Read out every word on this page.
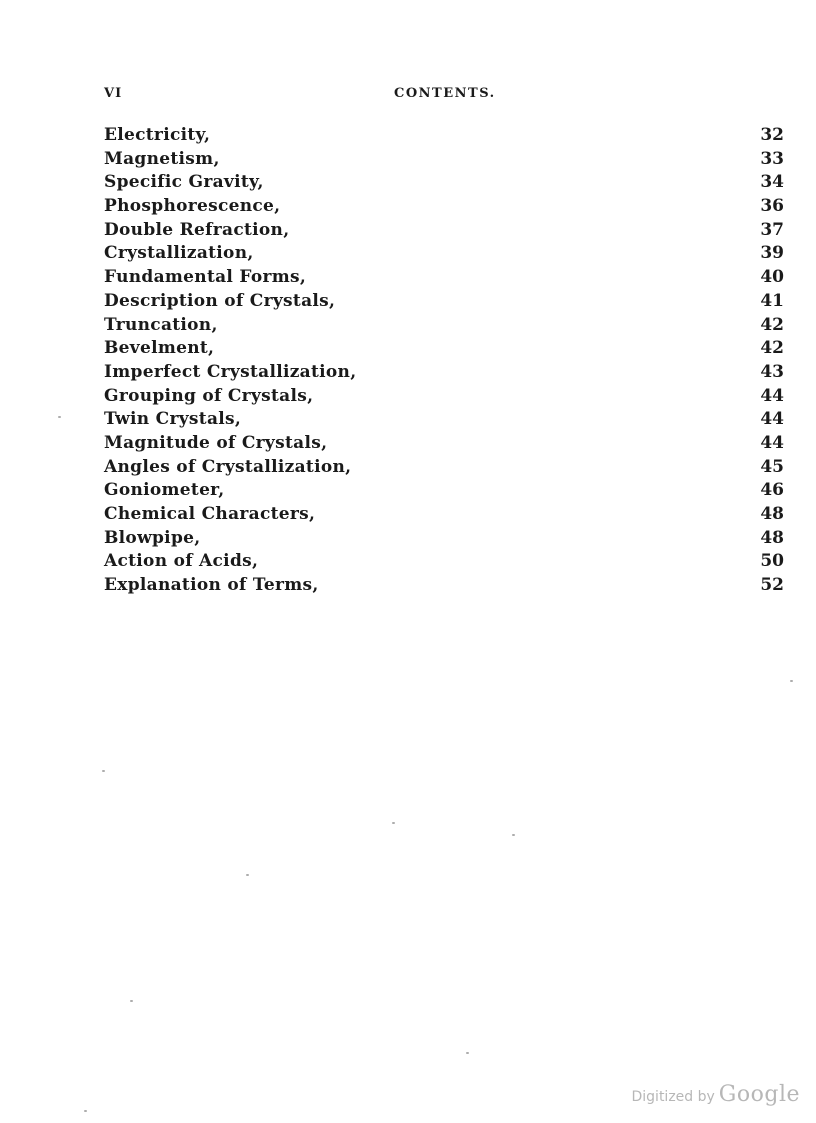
VI	CONTENTS.
Electricity,	32
Magnetism,	33
Specific Gravity,	34
Phosphorescence,	36
Double Refraction,	37
Crystallization,	39
Fundamental Forms,	40
Description of Crystals,	41
Truncation,	42
Bevelment,	42
Imperfect Crystallization,	43
Grouping of Crystals,	44
Twin Crystals,	44
Magnitude of Crystals,	44
Angles of Crystallization,	45
Goniometer,	46
Chemical Characters,	48
Blowpipe,	48
Action of Acids,	50
Explanation of Terms,	52
Digitized by Google
